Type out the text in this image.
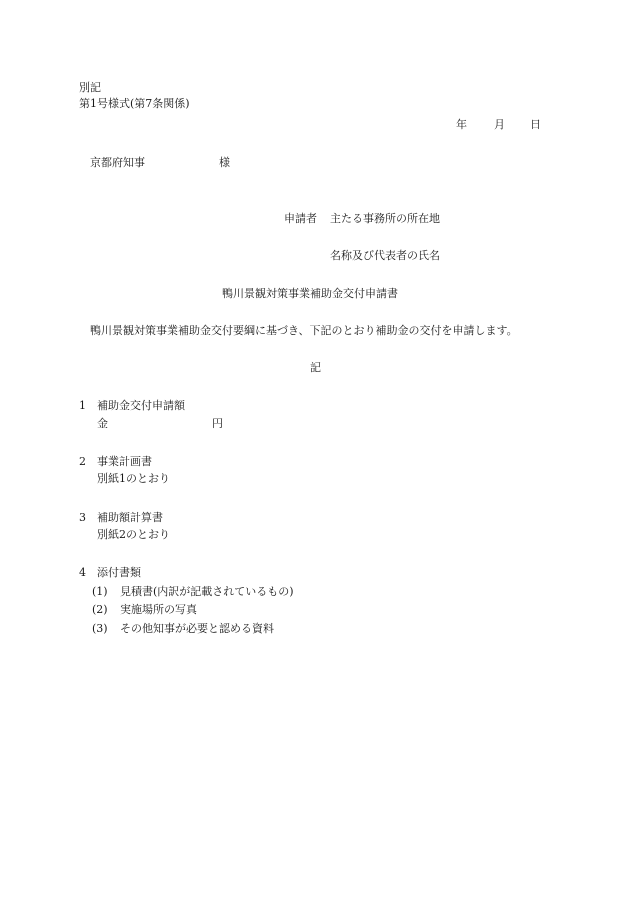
別記
第1号様式(第7条関係)
年 月 日
京都府知事	様
申請者 主たる事務所の所在地
名称及び代表者の氏名
鴨川景観対策事業補助金交付申請書
鴨川景観対策事業補助金交付要綱に基づき、下記のとおり補助金の交付を申請します。
記
1 補助金交付申請額
金	円
2 事業計画書
別紙1のとおり
3 補助額計算書
別紙2のとおり
4 添付書類
(1) 見積書(内訳が記載されているもの)
(2) 実施場所の写真
(3) その他知事が必要と認める資料
